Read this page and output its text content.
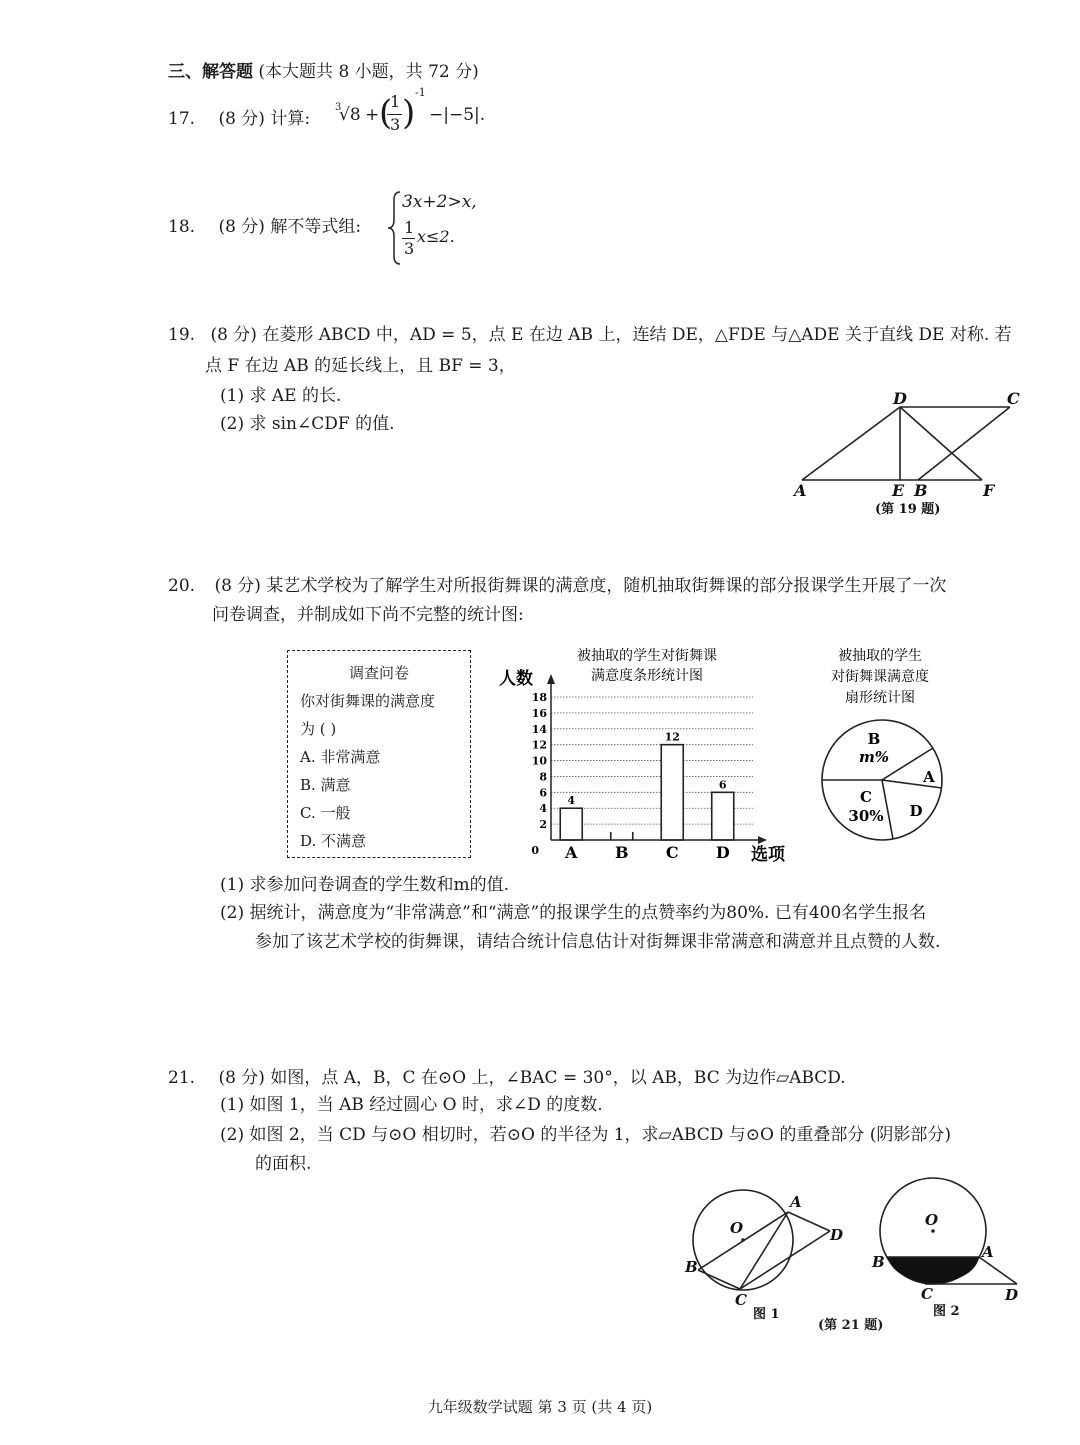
三、解答题 (本大题共 8 小题，共 72 分)
17. (8 分) 计算:
3
√8 + (
1
3 )
-1
−|−5|.
18. (8 分) 解不等式组:
3x+2>x,
1
3
x≤2.
19. (8 分) 在菱形 ABCD 中，AD = 5，点 E 在边 AB 上，连结 DE，△FDE 与△ADE 关于直线 DE 对称. 若
点 F 在边 AB 的延长线上，且 BF = 3，
(1) 求 AE 的长.
(2) 求 sin∠CDF 的值.
D	C
A	E B	F
(第 19 题)
20. (8 分) 某艺术学校为了解学生对所报街舞课的满意度，随机抽取街舞课的部分报课学生开展了一次
问卷调查，并制成如下尚不完整的统计图:
调查问卷
你对街舞课的满意度
为 ( )
A. 非常满意
B. 满意
C. 一般
D. 不满意
被抽取的学生对街舞课
满意度条形统计图
人数
0
2
4
6
8
10
12
14
16
18
4
12
6
A B C D 选项
被抽取的学生
对街舞课满意度
扇形统计图
B
m%
A
D
C
30%
(1) 求参加问卷调查的学生数和m的值.
(2) 据统计，满意度为“非常满意”和“满意”的报课学生的点赞率约为80%. 已有400名学生报名
参加了该艺术学校的街舞课，请结合统计信息估计对街舞课非常满意和满意并且点赞的人数.
21. (8 分) 如图，点 A，B，C 在⊙O 上，∠BAC = 30°，以 AB，BC 为边作▱ABCD.
(1) 如图 1，当 AB 经过圆心 O 时，求∠D 的度数.
(2) 如图 2，当 CD 与⊙O 相切时，若⊙O 的半径为 1，求▱ABCD 与⊙O 的重叠部分 (阴影部分)
的面积.
O
A
D
B
C
图 1
O
B
A
C	D
图 2
(第 21 题)
九年级数学试题 第 3 页 (共 4 页)
